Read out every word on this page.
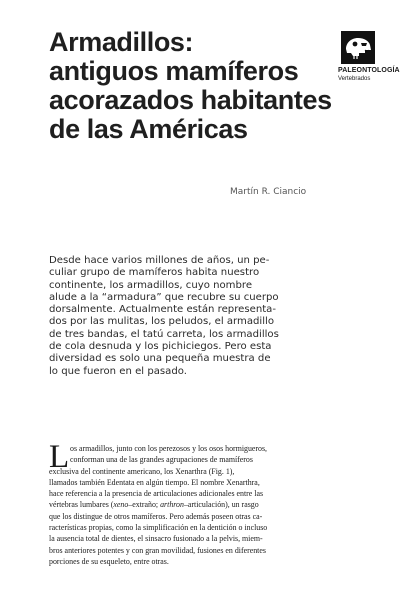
Armadillos:
antiguos mamíferos
acorazados habitantes
de las Américas
PALEONTOLOGÍA
Vertebrados
Martín R. Ciancio

Desde hace varios millones de años, un pe-
culiar grupo de mamíferos habita nuestro
continente, los armadillos, cuyo nombre
alude a la “armadura” que recubre su cuerpo
dorsalmente. Actualmente están representa-
dos por las mulitas, los peludos, el armadillo
de tres bandas, el tatú carreta, los armadillos
de cola desnuda y los pichiciegos. Pero esta
diversidad es solo una pequeña muestra de
lo que fueron en el pasado.

L os armadillos, junto con los perezosos y los osos hormigueros,
conforman una de las grandes agrupaciones de mamíferos
exclusiva del continente americano, los Xenarthra (Fig. 1),
llamados también Edentata en algún tiempo. El nombre Xenarthra,
hace referencia a la presencia de articulaciones adicionales entre las
vértebras lumbares (xeno–extraño; arthron–articulación), un rasgo
que los distingue de otros mamíferos. Pero además poseen otras ca-
racterísticas propias, como la simplificación en la dentición o incluso
la ausencia total de dientes, el sinsacro fusionado a la pelvis, miem-
bros anteriores potentes y con gran movilidad, fusiones en diferentes
porciones de su esqueleto, entre otras.
